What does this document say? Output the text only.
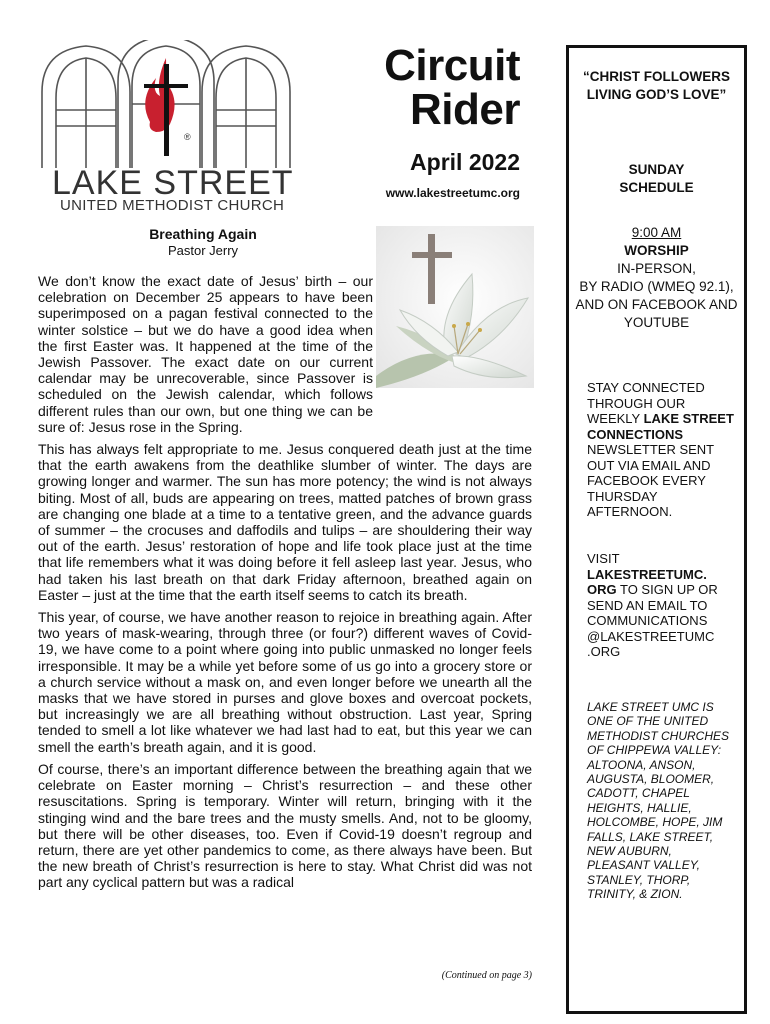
®
LAKE STREET
UNITED METHODIST CHURCH
Circuit
Rider
April 2022
www.lakestreetumc.org
Breathing Again
Pastor Jerry

We don’t know the exact date of Jesus’ birth – our celebration on December 25 appears to have been superimposed on a pagan festival connected to the winter solstice – but we do have a good idea when the first Easter was. It happened at the time of the Jewish Passover. The exact date on our current calendar may be unrecoverable, since Passover is scheduled on the Jewish calendar, which follows different rules than our own, but one thing we can be sure of: Jesus rose in the Spring.

This has always felt appropriate to me. Jesus conquered death just at the time that the earth awakens from the deathlike slumber of winter. The days are growing longer and warmer. The sun has more potency; the wind is not always biting. Most of all, buds are appearing on trees, matted patches of brown grass are changing one blade at a time to a tentative green, and the advance guards of summer – the crocuses and daffodils and tulips – are shouldering their way out of the earth. Jesus’ restoration of hope and life took place just at the time that life remembers what it was doing before it fell asleep last year. Jesus, who had taken his last breath on that dark Friday afternoon, breathed again on Easter – just at the time that the earth itself seems to catch its breath.

This year, of course, we have another reason to rejoice in breathing again. After two years of mask-wearing, through three (or four?) different waves of Covid-19, we have come to a point where going into public unmasked no longer feels irresponsible. It may be a while yet before some of us go into a grocery store or a church service without a mask on, and even longer before we unearth all the masks that we have stored in purses and glove boxes and overcoat pockets, but increasingly we are all breathing without obstruction. Last year, Spring tended to smell a lot like whatever we had last had to eat, but this year we can smell the earth’s breath again, and it is good.

Of course, there’s an important difference between the breathing again that we celebrate on Easter morning – Christ’s resurrection – and these other resuscitations. Spring is temporary. Winter will return, bringing with it the stinging wind and the bare trees and the musty smells. And, not to be gloomy, but there will be other diseases, too. Even if Covid-19 doesn’t regroup and return, there are yet other pandemics to come, as there always have been. But the new breath of Christ’s resurrection is here to stay. What Christ did was not part any cyclical pattern but was a radical

(Continued on page 3)
“CHRIST FOLLOWERS LIVING GOD’S LOVE”
SUNDAY
SCHEDULE
9:00 AM
WORSHIP
IN-PERSON,
BY RADIO (WMEQ 92.1), AND ON FACEBOOK AND YOUTUBE
STAY CONNECTED THROUGH OUR WEEKLY LAKE STREET CONNECTIONS NEWSLETTER SENT OUT VIA EMAIL AND FACEBOOK EVERY THURSDAY AFTERNOON.
VISIT LAKESTREETUMC. ORG TO SIGN UP OR SEND AN EMAIL TO COMMUNICATIONS @LAKESTREETUMC .ORG
LAKE STREET UMC IS ONE OF THE UNITED METHODIST CHURCHES OF CHIPPEWA VALLEY: ALTOONA, ANSON, AUGUSTA, BLOOMER, CADOTT, CHAPEL HEIGHTS, HALLIE, HOLCOMBE, HOPE, JIM FALLS, LAKE STREET, NEW AUBURN, PLEASANT VALLEY, STANLEY, THORP, TRINITY, & ZION.
